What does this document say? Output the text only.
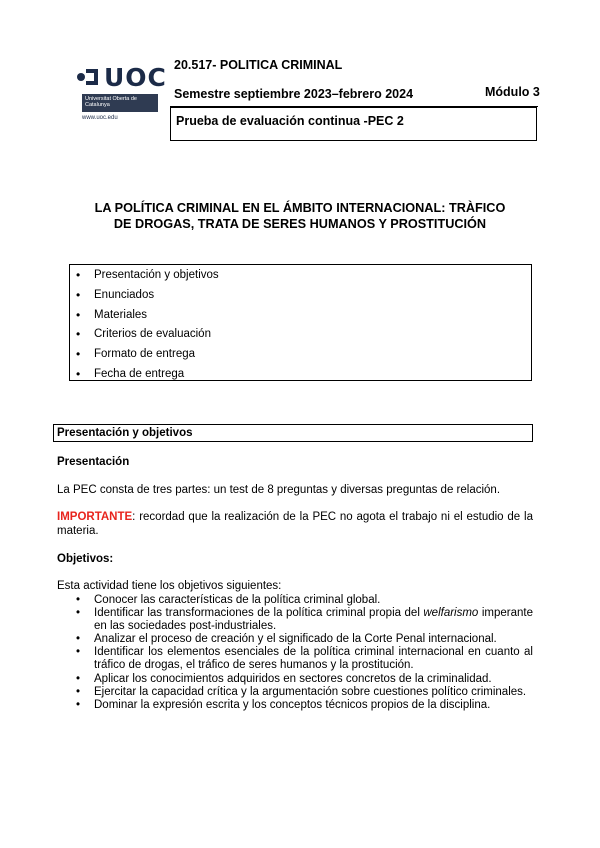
UOC
Universitat Oberta de Catalunya
www.uoc.edu
20.517- POLITICA CRIMINAL
Semestre septiembre 2023–febrero 2024	Módulo 3
Prueba de evaluación continua -PEC 2
LA POLÍTICA CRIMINAL EN EL ÁMBITO INTERNACIONAL: TRÀFICO
DE DROGAS, TRATA DE SERES HUMANOS Y PROSTITUCIÓN
• Presentación y objetivos
• Enunciados
• Materiales
• Criterios de evaluación
• Formato de entrega
• Fecha de entrega
Presentación y objetivos
Presentación
La PEC consta de tres partes: un test de 8 preguntas y diversas preguntas de relación.
IMPORTANTE: recordad que la realización de la PEC no agota el trabajo ni el estudio de la materia.
Objetivos:
Esta actividad tiene los objetivos siguientes:
• Conocer las características de la política criminal global.
• Identificar las transformaciones de la política criminal propia del welfarismo imperante en las sociedades post-industriales.
• Analizar el proceso de creación y el significado de la Corte Penal internacional.
• Identificar los elementos esenciales de la política criminal internacional en cuanto al tráfico de drogas, el tráfico de seres humanos y la prostitución.
• Aplicar los conocimientos adquiridos en sectores concretos de la criminalidad.
• Ejercitar la capacidad crítica y la argumentación sobre cuestiones político criminales.
• Dominar la expresión escrita y los conceptos técnicos propios de la disciplina.
